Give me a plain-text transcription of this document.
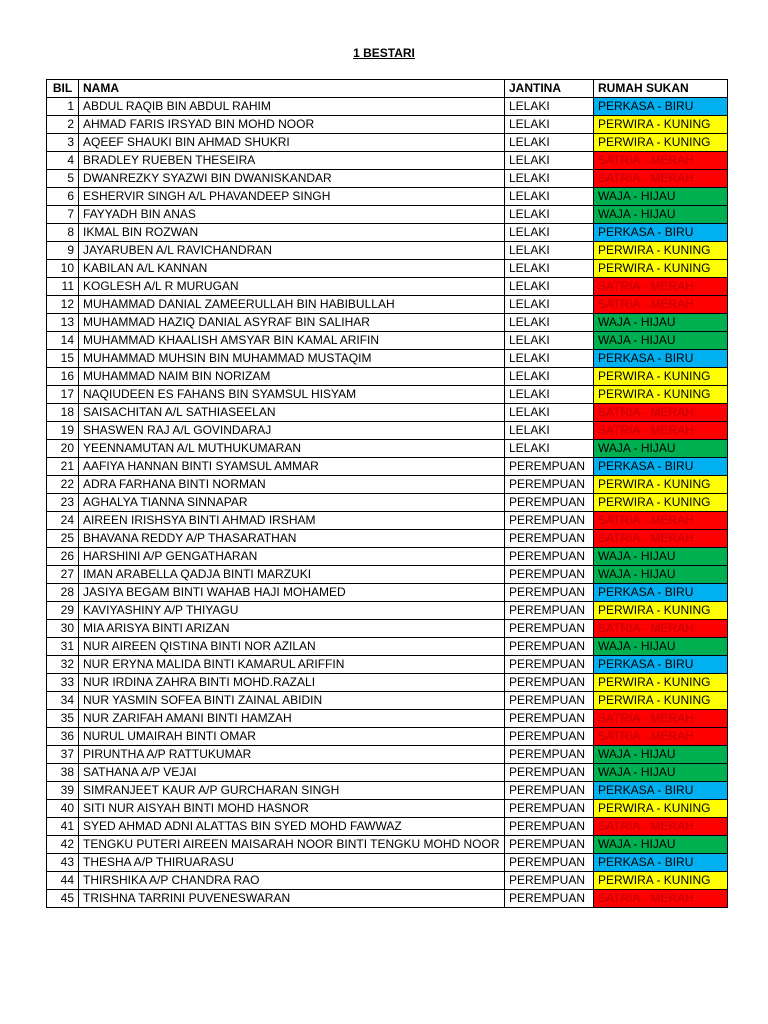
1 BESTARI
BIL	NAMA	JANTINA	RUMAH SUKAN
1	ABDUL RAQIB BIN ABDUL RAHIM	LELAKI	PERKASA - BIRU
2	AHMAD FARIS IRSYAD BIN MOHD NOOR	LELAKI	PERWIRA - KUNING
3	AQEEF SHAUKI BIN AHMAD SHUKRI	LELAKI	PERWIRA - KUNING
4	BRADLEY RUEBEN THESEIRA	LELAKI	SATRIA - MERAH
5	DWANREZKY SYAZWI BIN DWANISKANDAR	LELAKI	SATRIA - MERAH
6	ESHERVIR SINGH A/L PHAVANDEEP SINGH	LELAKI	WAJA - HIJAU
7	FAYYADH BIN ANAS	LELAKI	WAJA - HIJAU
8	IKMAL BIN ROZWAN	LELAKI	PERKASA - BIRU
9	JAYARUBEN A/L RAVICHANDRAN	LELAKI	PERWIRA - KUNING
10	KABILAN A/L KANNAN	LELAKI	PERWIRA - KUNING
11	KOGLESH A/L R MURUGAN	LELAKI	SATRIA - MERAH
12	MUHAMMAD DANIAL ZAMEERULLAH BIN HABIBULLAH	LELAKI	SATRIA - MERAH
13	MUHAMMAD HAZIQ DANIAL ASYRAF BIN SALIHAR	LELAKI	WAJA - HIJAU
14	MUHAMMAD KHAALISH AMSYAR BIN KAMAL ARIFIN	LELAKI	WAJA - HIJAU
15	MUHAMMAD MUHSIN BIN MUHAMMAD MUSTAQIM	LELAKI	PERKASA - BIRU
16	MUHAMMAD NAIM BIN NORIZAM	LELAKI	PERWIRA - KUNING
17	NAQIUDEEN ES FAHANS BIN SYAMSUL HISYAM	LELAKI	PERWIRA - KUNING
18	SAISACHITAN A/L SATHIASEELAN	LELAKI	SATRIA - MERAH
19	SHASWEN RAJ A/L GOVINDARAJ	LELAKI	SATRIA - MERAH
20	YEENNAMUTAN A/L MUTHUKUMARAN	LELAKI	WAJA - HIJAU
21	AAFIYA HANNAN BINTI SYAMSUL AMMAR	PEREMPUAN	PERKASA - BIRU
22	ADRA FARHANA BINTI NORMAN	PEREMPUAN	PERWIRA - KUNING
23	AGHALYA TIANNA SINNAPAR	PEREMPUAN	PERWIRA - KUNING
24	AIREEN IRISHSYA BINTI AHMAD IRSHAM	PEREMPUAN	SATRIA - MERAH
25	BHAVANA REDDY A/P THASARATHAN	PEREMPUAN	SATRIA - MERAH
26	HARSHINI A/P GENGATHARAN	PEREMPUAN	WAJA - HIJAU
27	IMAN ARABELLA QADJA BINTI MARZUKI	PEREMPUAN	WAJA - HIJAU
28	JASIYA BEGAM BINTI WAHAB HAJI MOHAMED	PEREMPUAN	PERKASA - BIRU
29	KAVIYASHINY A/P THIYAGU	PEREMPUAN	PERWIRA - KUNING
30	MIA ARISYA BINTI ARIZAN	PEREMPUAN	SATRIA - MERAH
31	NUR AIREEN QISTINA BINTI NOR AZILAN	PEREMPUAN	WAJA - HIJAU
32	NUR ERYNA MALIDA BINTI KAMARUL ARIFFIN	PEREMPUAN	PERKASA - BIRU
33	NUR IRDINA ZAHRA BINTI MOHD.RAZALI	PEREMPUAN	PERWIRA - KUNING
34	NUR YASMIN SOFEA BINTI ZAINAL ABIDIN	PEREMPUAN	PERWIRA - KUNING
35	NUR ZARIFAH AMANI BINTI HAMZAH	PEREMPUAN	SATRIA - MERAH
36	NURUL UMAIRAH BINTI OMAR	PEREMPUAN	SATRIA - MERAH
37	PIRUNTHA A/P RATTUKUMAR	PEREMPUAN	WAJA - HIJAU
38	SATHANA A/P VEJAI	PEREMPUAN	WAJA - HIJAU
39	SIMRANJEET KAUR A/P GURCHARAN SINGH	PEREMPUAN	PERKASA - BIRU
40	SITI NUR AISYAH BINTI MOHD HASNOR	PEREMPUAN	PERWIRA - KUNING
41	SYED AHMAD ADNI ALATTAS BIN SYED MOHD FAWWAZ	PEREMPUAN	SATRIA - MERAH
42	TENGKU PUTERI AIREEN MAISARAH NOOR BINTI TENGKU MOHD NOOR	PEREMPUAN	WAJA - HIJAU
43	THESHA A/P THIRUARASU	PEREMPUAN	PERKASA - BIRU
44	THIRSHIKA A/P CHANDRA RAO	PEREMPUAN	PERWIRA - KUNING
45	TRISHNA TARRINI PUVENESWARAN	PEREMPUAN	SATRIA - MERAH
